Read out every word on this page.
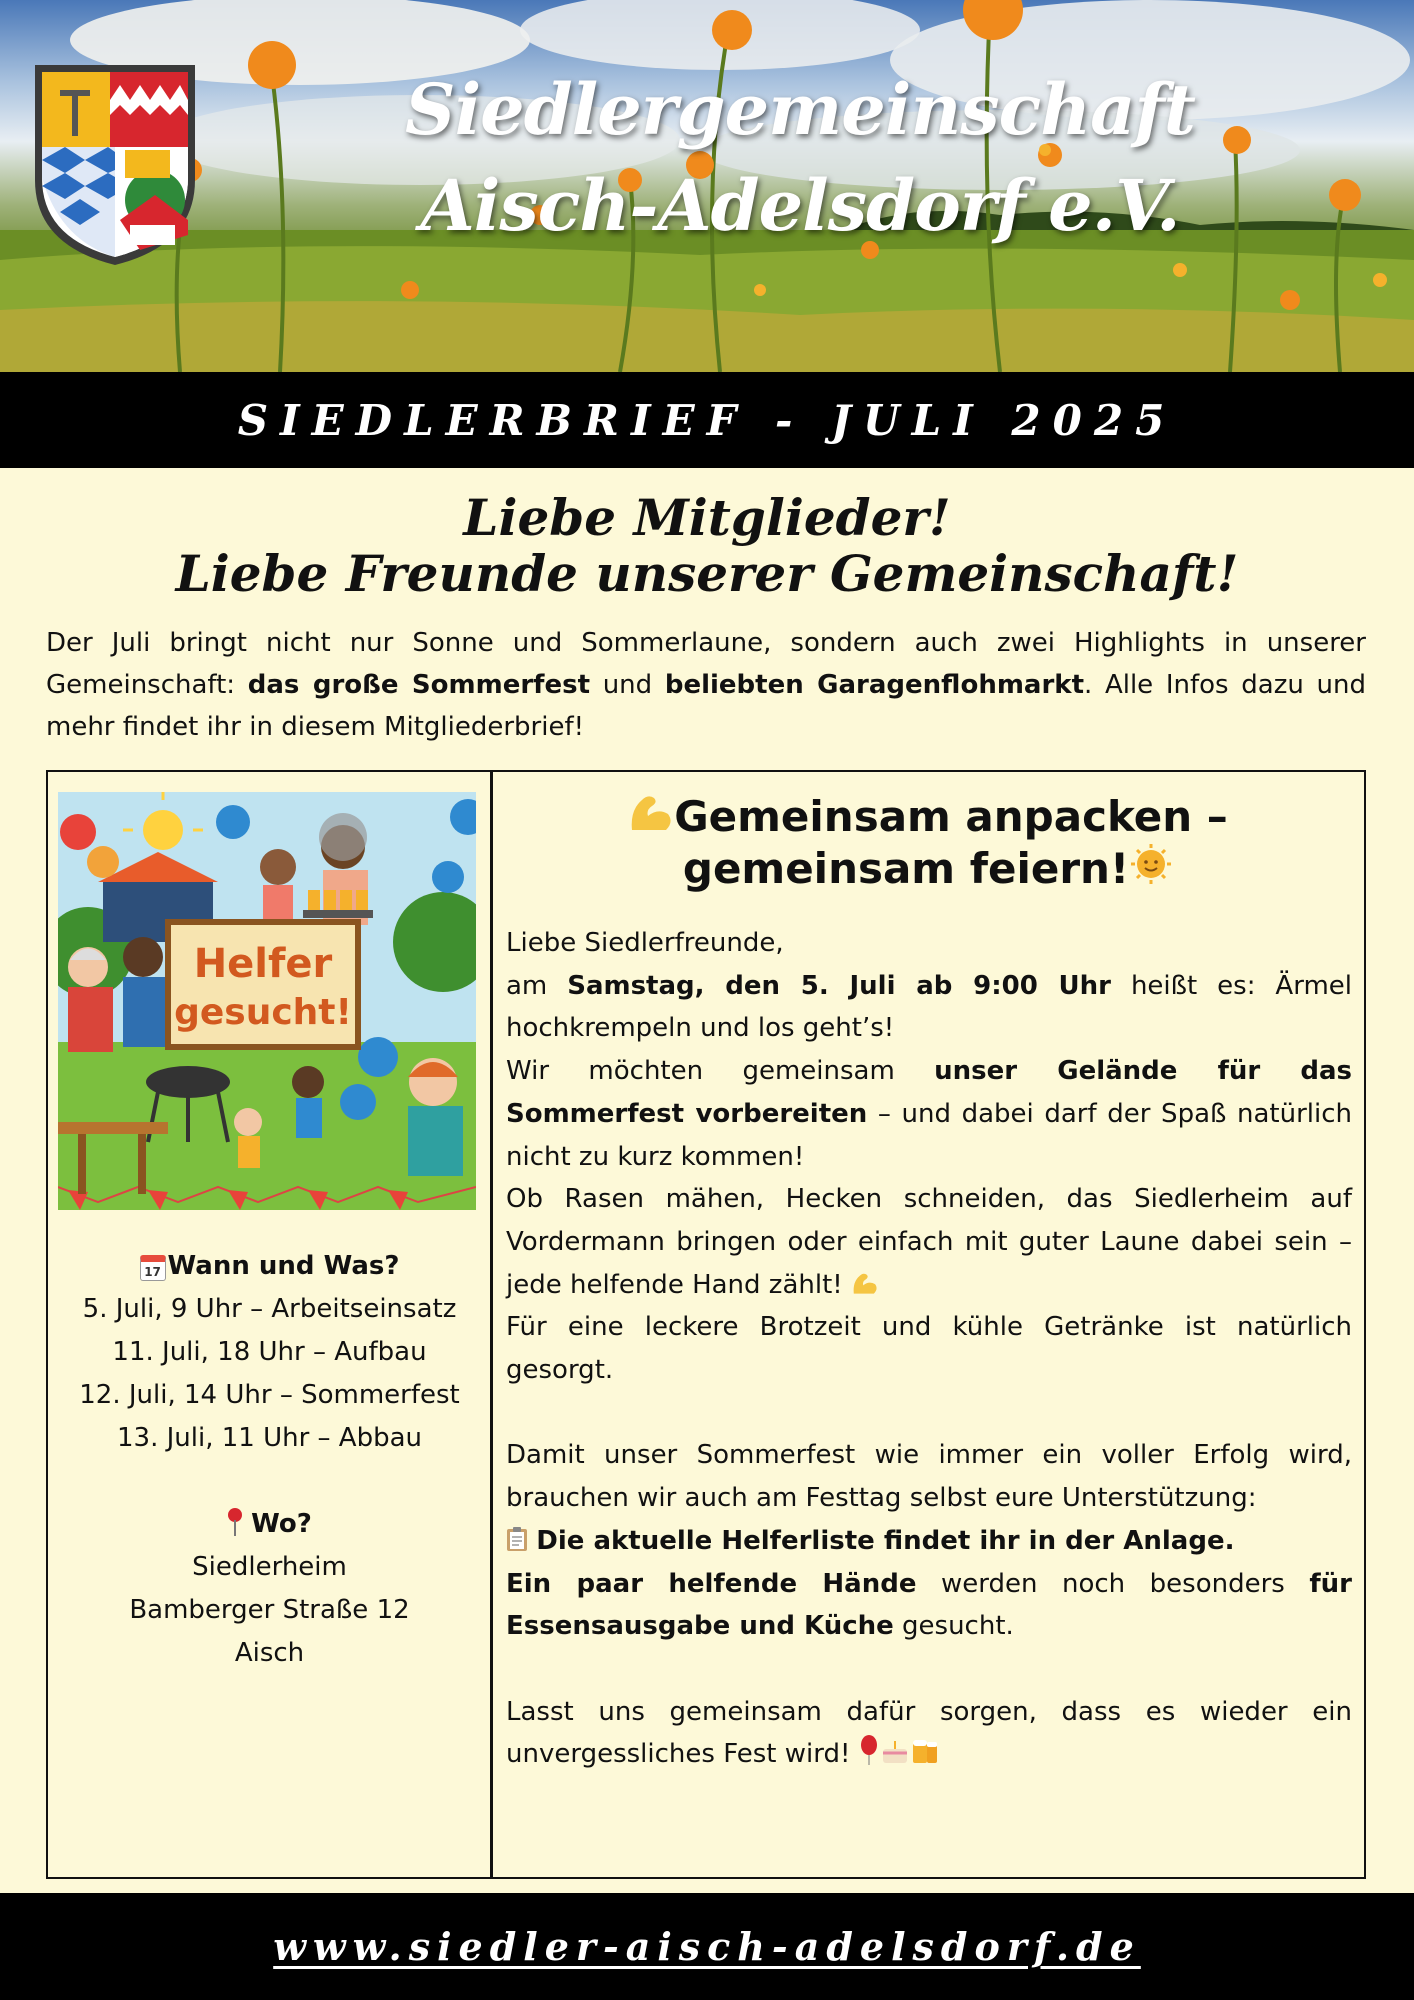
Siedlergemeinschaft
Aisch-Adelsdorf e.V.
SIEDLERBRIEF - JULI 2025
Liebe Mitglieder!
Liebe Freunde unserer Gemeinschaft!

Der Juli bringt nicht nur Sonne und Sommerlaune, sondern auch zwei Highlights in unserer Gemeinschaft: das große Sommerfest und beliebten Garagenflohmarkt. Alle Infos dazu und mehr findet ihr in diesem Mitgliederbrief!

Helfer
gesucht!
17 Wann und Was?
5. Juli, 9 Uhr – Arbeitseinsatz
11. Juli, 18 Uhr – Aufbau
12. Juli, 14 Uhr – Sommerfest
13. Juli, 11 Uhr – Abbau
Wo?
Siedlerheim
Bamberger Straße 12
Aisch
Gemeinsam anpacken –
gemeinsam feiern!

Liebe Siedlerfreunde,

am Samstag, den 5. Juli ab 9:00 Uhr heißt es: Ärmel hochkrempeln und los geht’s!

Wir möchten gemeinsam unser Gelände für das Sommerfest vorbereiten – und dabei darf der Spaß natürlich nicht zu kurz kommen!

Ob Rasen mähen, Hecken schneiden, das Siedlerheim auf Vordermann bringen oder einfach mit guter Laune dabei sein – jede helfende Hand zählt!

Für eine leckere Brotzeit und kühle Getränke ist natürlich gesorgt.

Damit unser Sommerfest wie immer ein voller Erfolg wird, brauchen wir auch am Festtag selbst eure Unterstützung:

Die aktuelle Helferliste findet ihr in der Anlage.

Ein paar helfende Hände werden noch besonders für Essensausgabe und Küche gesucht.

Lasst uns gemeinsam dafür sorgen, dass es wieder ein unvergessliches Fest wird!

www.siedler-aisch-adelsdorf.de
